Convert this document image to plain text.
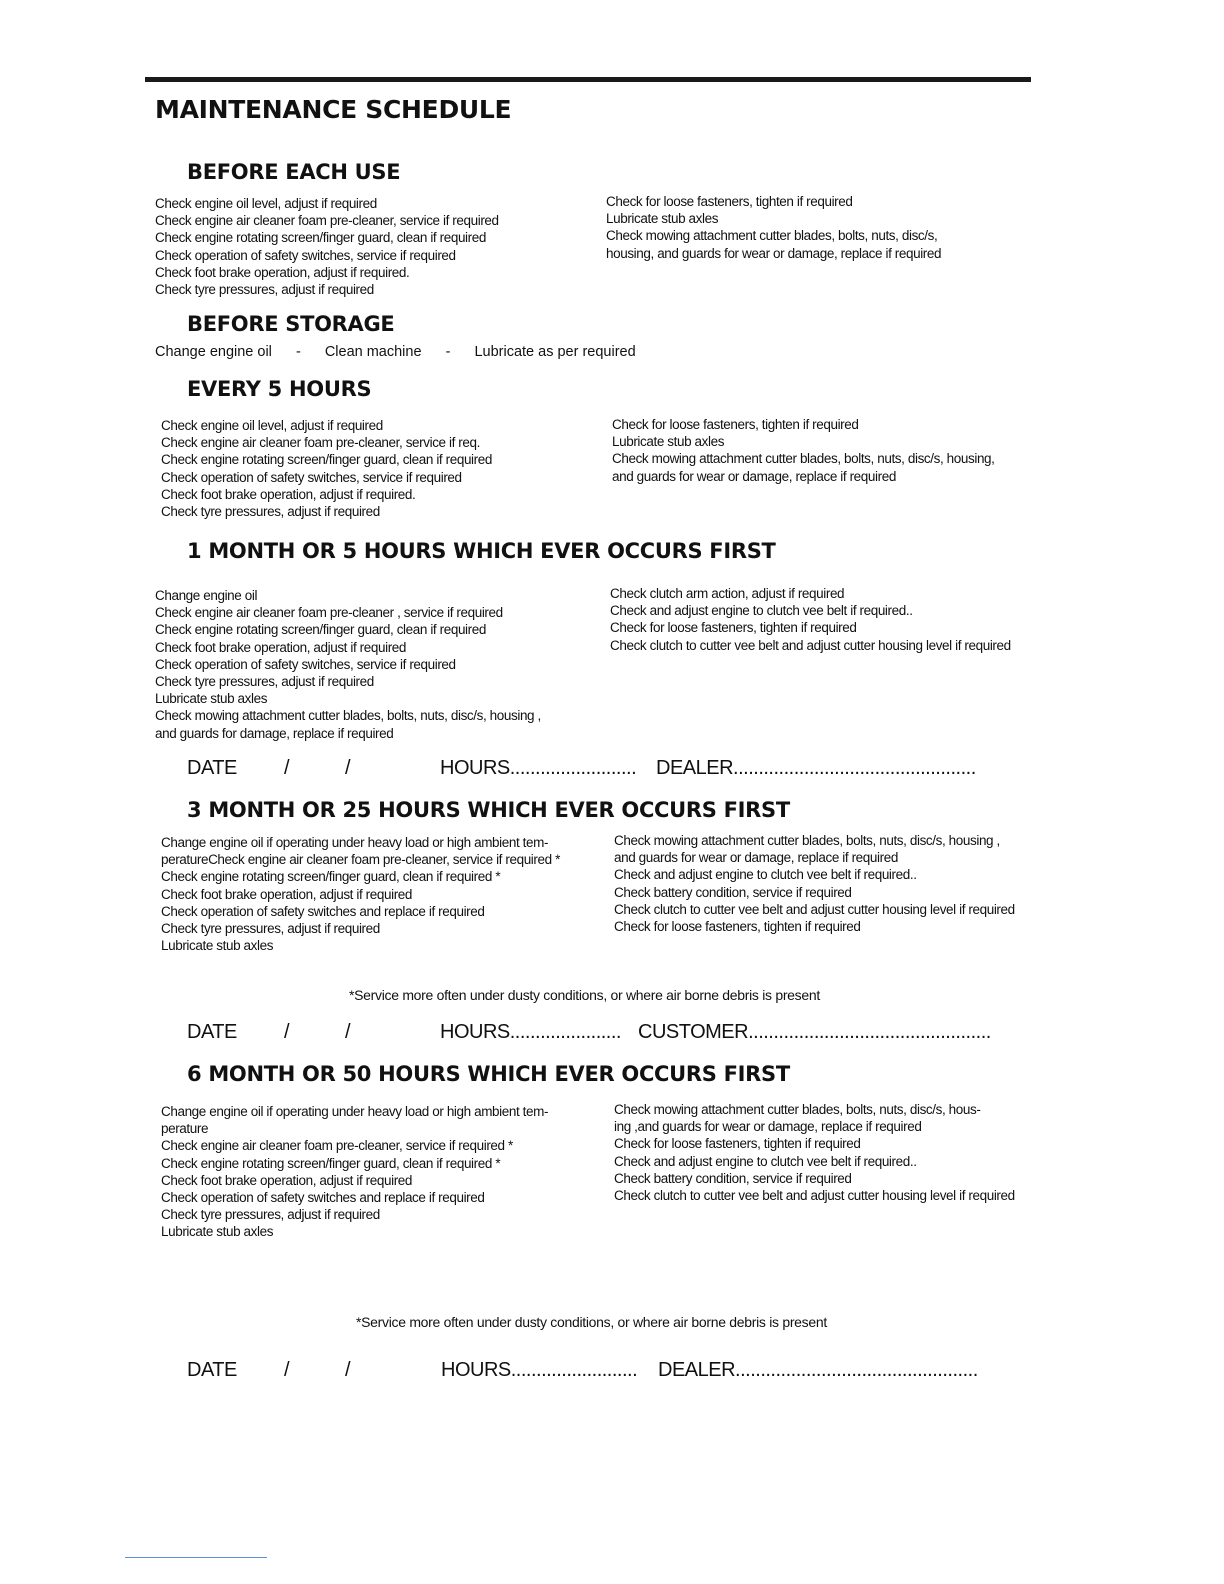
MAINTENANCE SCHEDULE
BEFORE EACH USE
Check engine oil level, adjust if required
Check engine air cleaner foam pre-cleaner, service if required
Check engine rotating screen/finger guard, clean if required
Check operation of safety switches, service if required
Check foot brake operation, adjust if required.
Check tyre pressures, adjust if required
Check for loose fasteners, tighten if required
Lubricate stub axles
Check mowing attachment cutter blades, bolts, nuts, disc/s,
housing, and guards for wear or damage, replace if required
BEFORE STORAGE
Change engine oil - Clean machine - Lubricate as per required
EVERY 5 HOURS
Check engine oil level, adjust if required
Check engine air cleaner foam pre-cleaner, service if req.
Check engine rotating screen/finger guard, clean if required
Check operation of safety switches, service if required
Check foot brake operation, adjust if required.
Check tyre pressures, adjust if required
Check for loose fasteners, tighten if required
Lubricate stub axles
Check mowing attachment cutter blades, bolts, nuts, disc/s, housing,
and guards for wear or damage, replace if required
1 MONTH OR 5 HOURS WHICH EVER OCCURS FIRST
Change engine oil
Check engine air cleaner foam pre-cleaner , service if required
Check engine rotating screen/finger guard, clean if required
Check foot brake operation, adjust if required
Check operation of safety switches, service if required
Check tyre pressures, adjust if required
Lubricate stub axles
Check mowing attachment cutter blades, bolts, nuts, disc/s, housing ,
and guards for damage, replace if required
Check clutch arm action, adjust if required
Check and adjust engine to clutch vee belt if required..
Check for loose fasteners, tighten if required
Check clutch to cutter vee belt and adjust cutter housing level if required
DATE /	/	HOURS......................... DEALER................................................
3 MONTH OR 25 HOURS WHICH EVER OCCURS FIRST
Change engine oil if operating under heavy load or high ambient tem-
peratureCheck engine air cleaner foam pre-cleaner, service if required *
Check engine rotating screen/finger guard, clean if required *
Check foot brake operation, adjust if required
Check operation of safety switches and replace if required
Check tyre pressures, adjust if required
Lubricate stub axles
Check mowing attachment cutter blades, bolts, nuts, disc/s, housing ,
and guards for wear or damage, replace if required
Check and adjust engine to clutch vee belt if required..
Check battery condition, service if required
Check clutch to cutter vee belt and adjust cutter housing level if required
Check for loose fasteners, tighten if required
*Service more often under dusty conditions, or where air borne debris is present
DATE /	/	HOURS...................... CUSTOMER................................................
6 MONTH OR 50 HOURS WHICH EVER OCCURS FIRST
Change engine oil if operating under heavy load or high ambient tem-
perature
Check engine air cleaner foam pre-cleaner, service if required *
Check engine rotating screen/finger guard, clean if required *
Check foot brake operation, adjust if required
Check operation of safety switches and replace if required
Check tyre pressures, adjust if required
Lubricate stub axles
Check mowing attachment cutter blades, bolts, nuts, disc/s, hous-
ing ,and guards for wear or damage, replace if required
Check for loose fasteners, tighten if required
Check and adjust engine to clutch vee belt if required..
Check battery condition, service if required
Check clutch to cutter vee belt and adjust cutter housing level if required
*Service more often under dusty conditions, or where air borne debris is present
DATE /	/	HOURS......................... DEALER................................................
